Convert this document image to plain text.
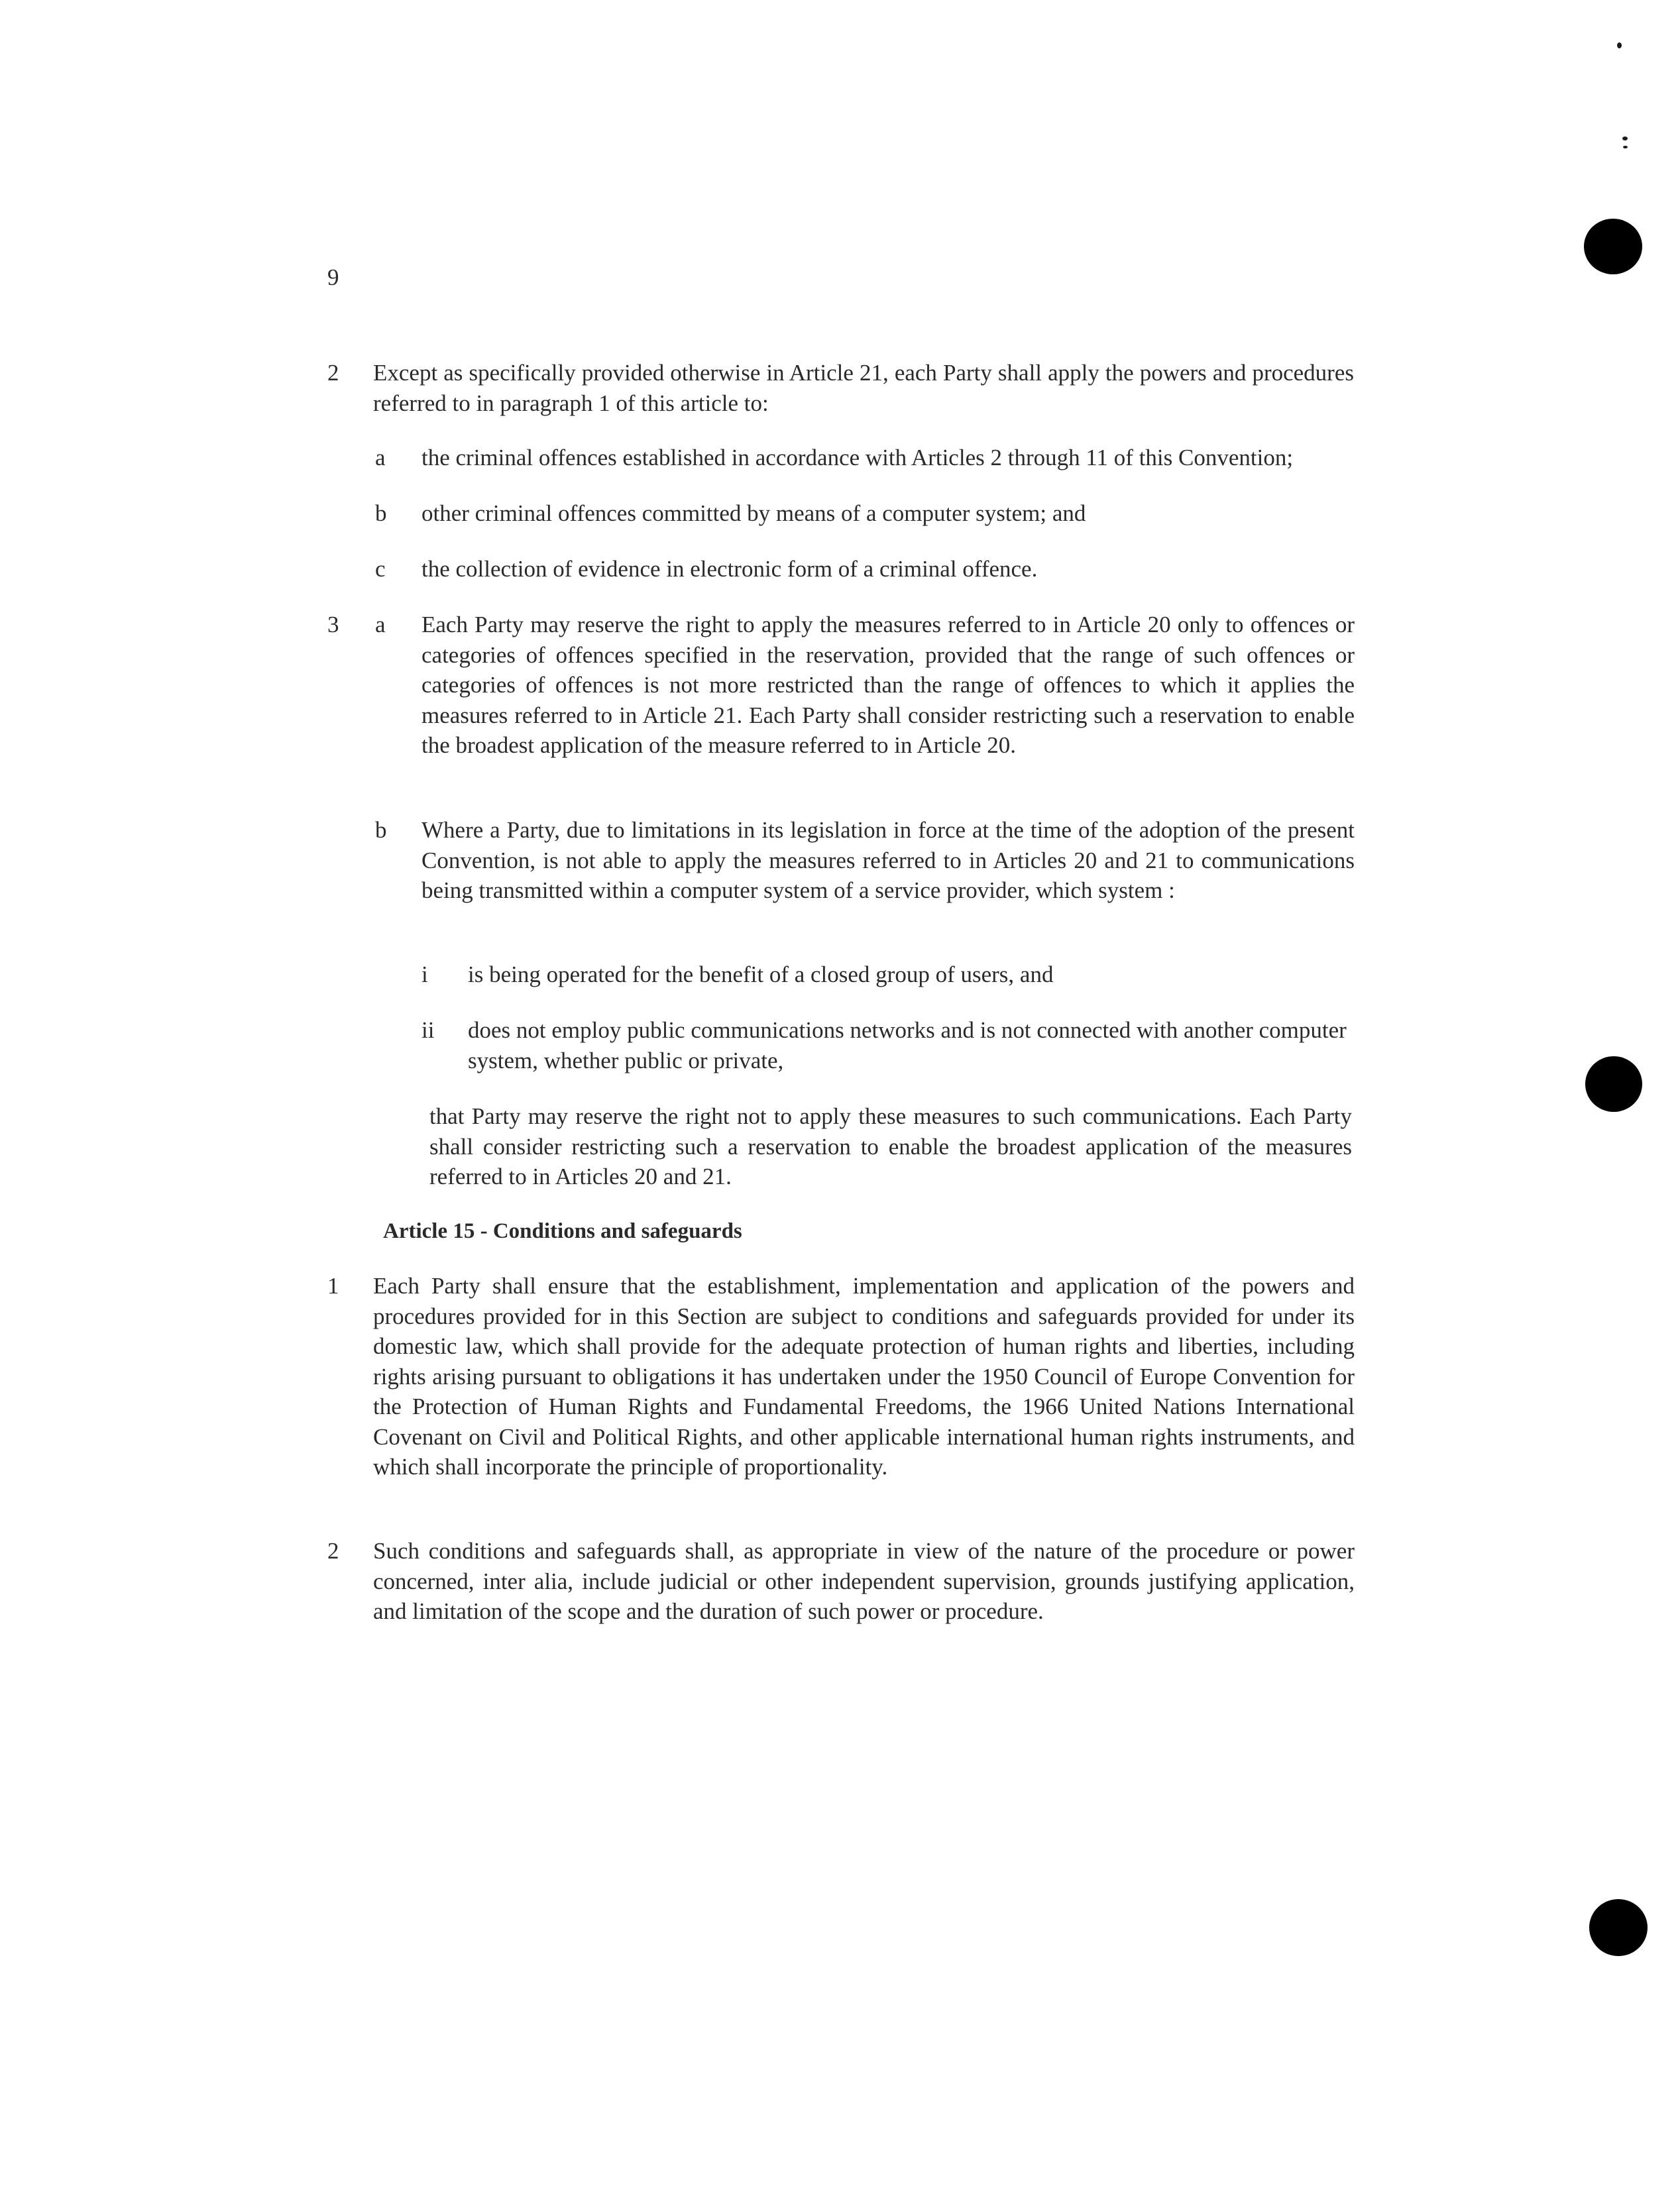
9
2 Except as specifically provided otherwise in Article 21, each Party shall apply the powers and procedures referred to in paragraph 1 of this article to:
a the criminal offences established in accordance with Articles 2 through 11 of this Convention;
b other criminal offences committed by means of a computer system; and
c the collection of evidence in electronic form of a criminal offence.
3 a Each Party may reserve the right to apply the measures referred to in Article 20 only to offences or categories of offences specified in the reservation, provided that the range of such offences or categories of offences is not more restricted than the range of offences to which it applies the measures referred to in Article 21. Each Party shall consider restricting such a reservation to enable the broadest application of the measure referred to in Article 20.
b Where a Party, due to limitations in its legislation in force at the time of the adoption of the present Convention, is not able to apply the measures referred to in Articles 20 and 21 to communications being transmitted within a computer system of a service provider, which system :
i is being operated for the benefit of a closed group of users, and
ii does not employ public communications networks and is not connected with another computer system, whether public or private,
that Party may reserve the right not to apply these measures to such communications. Each Party shall consider restricting such a reservation to enable the broadest application of the measures referred to in Articles 20 and 21.
Article 15 - Conditions and safeguards
1 Each Party shall ensure that the establishment, implementation and application of the powers and procedures provided for in this Section are subject to conditions and safeguards provided for under its domestic law, which shall provide for the adequate protection of human rights and liberties, including rights arising pursuant to obligations it has undertaken under the 1950 Council of Europe Convention for the Protection of Human Rights and Fundamental Freedoms, the 1966 United Nations International Covenant on Civil and Political Rights, and other applicable international human rights instruments, and which shall incorporate the principle of proportionality.
2 Such conditions and safeguards shall, as appropriate in view of the nature of the procedure or power concerned, inter alia, include judicial or other independent supervision, grounds justifying application, and limitation of the scope and the duration of such power or procedure.
